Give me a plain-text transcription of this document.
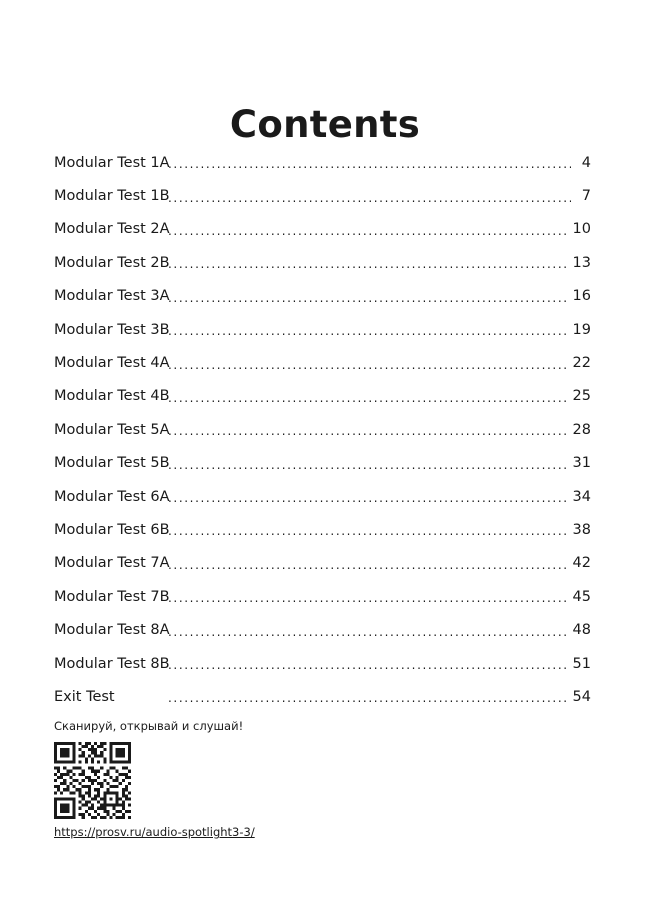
Contents
Modular Test 1A .....	4
Modular Test 1B .....	7
Modular Test 2A .....	10
Modular Test 2B .....	13
Modular Test 3A .....	16
Modular Test 3B .....	19
Modular Test 4A .....	22
Modular Test 4B .....	25
Modular Test 5A .....	28
Modular Test 5B .....	31
Modular Test 6A .....	34
Modular Test 6B .....	38
Modular Test 7A .....	42
Modular Test 7B .....	45
Modular Test 8A .....	48
Modular Test 8B .....	51
Exit Test .....	54
Сканируй, открывай и слушай!
https://prosv.ru/audio-spotlight3-3/
